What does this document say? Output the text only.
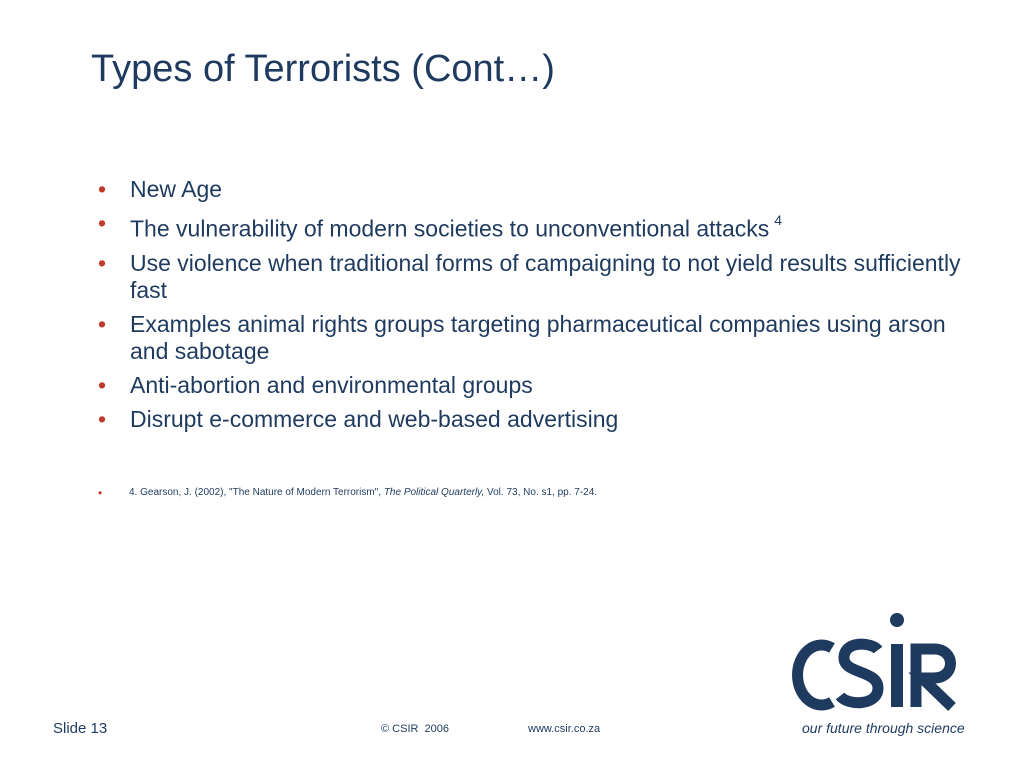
Types of Terrorists (Cont…)
• New Age
• The vulnerability of modern societies to unconventional attacks $^4$
• Use violence when traditional forms of campaigning to not yield results sufficiently fast
• Examples animal rights groups targeting pharmaceutical companies using arson and sabotage
• Anti-abortion and environmental groups
• Disrupt e-commerce and web-based advertising
•	4. Gearson, J. (2002), "The Nature of Modern Terrorism", The Political Quarterly, Vol. 73, No. s1, pp. 7-24.
Slide 13	© CSIR  2006	www.csir.co.za	our future through science
